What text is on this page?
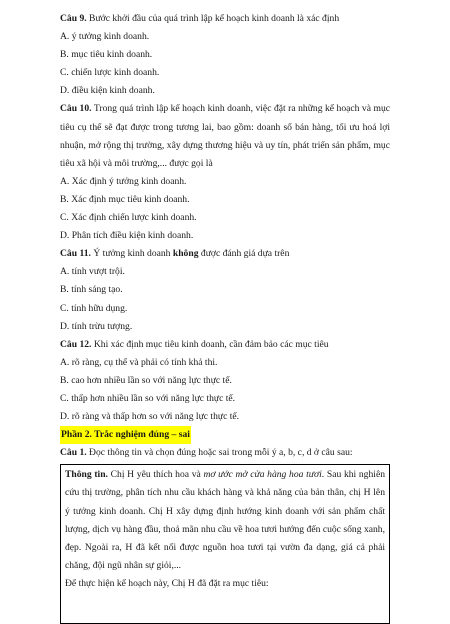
Câu 9. Bước khởi đầu của quá trình lập kế hoạch kinh doanh là xác định

A. ý tưởng kinh doanh.

B. mục tiêu kinh doanh.

C. chiến lược kinh doanh.

D. điều kiện kinh doanh.

Câu 10. Trong quá trình lập kế hoạch kinh doanh, việc đặt ra những kế hoạch và mục tiêu cụ thể sẽ đạt được trong tương lai, bao gồm: doanh số bán hàng, tối ưu hoá lợi nhuận, mở rộng thị trường, xây dựng thương hiệu và uy tín, phát triển sản phẩm, mục tiêu xã hội và môi trường,... được gọi là

A. Xác định ý tưởng kinh doanh.

B. Xác định mục tiêu kinh doanh.

C. Xác định chiến lược kinh doanh.

D. Phân tích điều kiện kinh doanh.

Câu 11. Ý tưởng kinh doanh không được đánh giá dựa trên

A. tính vượt trội.

B. tính sáng tạo.

C. tính hữu dụng.

D. tính trừu tượng.

Câu 12. Khi xác định mục tiêu kinh doanh, cần đảm bảo các mục tiêu

A. rõ ràng, cụ thể và phải có tính khả thi.

B. cao hơn nhiều lần so với năng lực thực tế.

C. thấp hơn nhiều lần so với năng lực thực tế.

D. rõ ràng và thấp hơn so với năng lực thực tế.

Phần 2. Trắc nghiệm đúng – sai

Câu 1. Đọc thông tin và chọn đúng hoặc sai trong mỗi ý a, b, c, d ở câu sau:

Thông tin. Chị H yêu thích hoa và mơ ước mở cửa hàng hoa tươi. Sau khi nghiên cứu thị trường, phân tích nhu cầu khách hàng và khả năng của bản thân, chị H lên ý tưởng kinh doanh. Chị H xây dựng định hướng kinh doanh với sản phẩm chất lượng, dịch vụ hàng đầu, thoả mãn nhu cầu về hoa tươi hướng đến cuộc sống xanh, đẹp. Ngoài ra, H đã kết nối được nguồn hoa tươi tại vườn đa dạng, giá cả phải chăng, đội ngũ nhân sự giỏi,...

Để thực hiện kế hoạch này, Chị H đã đặt ra mục tiêu:
